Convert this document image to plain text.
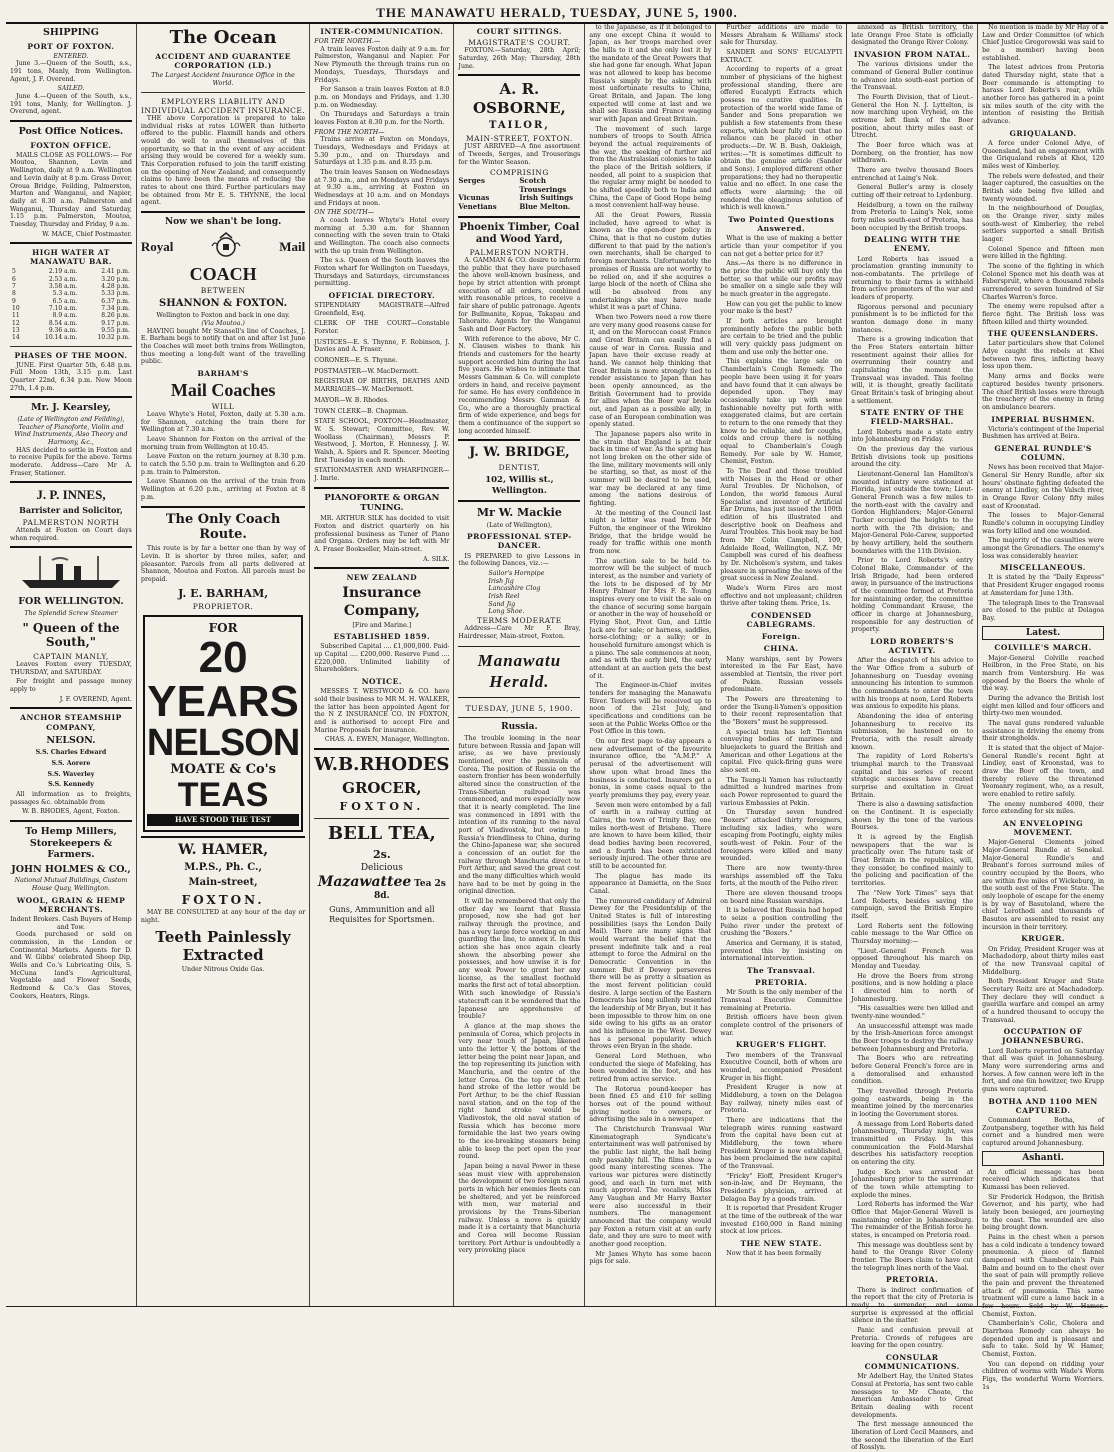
THE MANAWATU HERALD, TUESDAY, JUNE 5, 1900.
SHIPPING
PORT OF FOXTON.
ENTERED.

June 3.—Queen of the South, s.s., 191 tons, Manly, from Wellington. Agent, J. F. Overend.

SAILED.

June 4.—Queen of the South, s.s., 191 tons, Manly, for Wellington. J. Overend, agent.

Post Office Notices.
FOXTON OFFICE.

MAILS CLOSE AS FOLLOWS:— For Moutoa, Shannon, Levin and Wellington, daily at 9 a.m. Wellington and Levin daily at 8 p.m. Grass Dover, Oroua Bridge, Feilding, Palmerston, Marton and Wanganui, and Napier, daily at 8.30 a.m. Palmerston and Wanganui, Thursday and Saturday, 1.15 p.m. Palmerston, Moutoa, Tuesday, Thursday and Friday, 9 a.m.

W. MACE, Chief Postmaster.
HIGH WATER AT MANAWATU BAR.
5	2.19 a.m.	2.41 p.m.
6	2.53 a.m.	3.20 p.m.
7	3.58 a.m.	4.28 p.m.
8	5.3 a.m.	5.33 p.m.
9	6.5 a.m.	6.37 p.m.
10	7.10 a.m.	7.34 p.m.
11	8.9 a.m.	8.26 p.m.
12	8.54 a.m.	9.17 p.m.
13	9.36 a.m.	9.55 p.m.
14	10.14 a.m.	10.32 p.m.
PHASES OF THE MOON.

JUNE. First Quarter 5th, 6.48 p.m. Full Moon 13th, 3.15 p.m. Last Quarter 22nd, 6.34 p.m. New Moon 27th, 1.4 p.m.

Mr. J. Kearsley,
(Late of Wellington and Feilding), Teacher of Pianoforte, Violin and Wind Instruments, Also Theory and Harmony, &c.,

HAS decided to settle in Foxton and to receive Pupils for the above. Terms moderate. Address—Care Mr A. Fraser, Stationer.

J. P. INNES,
Barrister and Solicitor,
PALMERSTON NORTH

Attends at Foxton on Court days when required.

FOR WELLINGTON.
The Splendid Screw Steamer
" Queen of the South,"
CAPTAIN MANLY,

Leaves Foxton every TUESDAY, THURSDAY, and SATURDAY.

For freight and passage money apply to

J. F. OVEREND, Agent.
ANCHOR STEAMSHIP COMPANY,
NELSON.
S.S. Charles Edward
S.S. Aorere
S.S. Waverley
S.S. Kennedy

All information as to freights, passages &c. obtainable from

W. B. RHODES, Agent, Foxton.
To Hemp Millers, Storekeepers & Farmers.
JOHN HOLMES & CO.,
National Mutual Buildings, Custom House Quay, Wellington.
WOOL, GRAIN & HEMP MERCHANTS.
Indent Brokers. Cash Buyers of Hemp and Tow.

Goods purchased or sold on commission, in the London or Continental Markets. Agents for D. and W. Gibbs' celebrated Sheep Dip, Wells and Co.'s Lubricating Oils, S. McCuna land's Agricultural, Vegetable and Flower Seeds, Redmond & Co.'s Gas Stoves, Cookers, Heaters, Rings.

The Ocean
ACCIDENT AND GUARANTEE CORPORATION (LD.)
The Largest Accident Insurance Office in the World.
EMPLOYERS LIABILITY AND INDIVIDUAL ACCIDENT INSURANCE.

THE above Corporation is prepared to take individual risks at rates LOWER than hitherto offered to the public. Flaxmill hands and others would do well to avail themselves of this opportunity, so that in the event of any accident arising they would be covered for a weekly sum. This Corporation refused to join the tariff existing on the opening of New Zealand, and consequently claims to have been the means of reducing the rates to about one third. Further particulars may be obtained from Mr E. S. THYNNE, the local agent.

Now we shan't be long.
Royal	Mail
COACH
BETWEEN
SHANNON & FOXTON.
Wellington to Foxton and back in one day.
(Via Moutoa.)

HAVING bought Mr Stansell's line of Coaches, J. E. Barham begs to notify that on and after 1st June the Coaches will meet both trains from Wellington, thus meeting a long-felt want of the travelling public.

BARHAM'S
Mail Coaches
WILL

Leave Whyte's Hotel, Foxton, daily at 5.30 a.m. for Shannon, catching the train there for Wellington at 7.30 a.m.

Leave Shannon for Foxton on the arrival of the morning train from Wellington at 10.45.

Leave Foxton on the return journey at 8.30 p.m. to catch the 5.50 p.m. train to Wellington and 6.20 p.m. train to Palmerston.

Leave Shannon on the arrival of the train from Wellington at 6.20 p.m., arriving at Foxton at 8 p.m.

The Only Coach Route.

This route is by far a better one than by way of Levin. It is shorter by three miles, safer, and pleasanter. Parcels from all parts delivered at Shannon, Moutoa and Foxton. All parcels must be prepaid.

J. E. BARHAM,
PROPRIETOR.
FOR
20 YEARS
NELSON
MOATE & Co's
TEAS
HAVE STOOD THE TEST
W. HAMER,
M.P.S., Ph. C.,
Main-street,
FOXTON.

MAY BE CONSULTED at any hour of the day or night.

Teeth Painlessly Extracted
Under Nitrous Oxide Gas.
INTER-COMMUNICATION.
FOR THE NORTH.—

A train leaves Foxton daily at 9 a.m. for Palmerston, Wanganui and Napier. For New Plymouth the through trains run on Mondays, Tuesdays, Thursdays and Fridays.

For Sanson a train leaves Foxton at 8.0 p.m. on Mondays and Fridays, and 1.30 p.m. on Wednesday.

On Thursdays and Saturdays a train leaves Foxton at 8.30 p.m. for the North.

FROM THE NORTH—

Trains arrive at Foxton on Mondays, Tuesdays, Wednesdays and Fridays at 5.30 p.m., and on Thursdays and Saturdays at 1.35 p.m. and 8.35 p.m.

The train leaves Sanson on Wednesdays at 7.30 a.m., and on Mondays and Fridays at 9.30 a.m., arriving at Foxton on Wednesdays at 10 a.m. and on Mondays and Fridays at noon.

ON THE SOUTH—

A coach leaves Whyte's Hotel every morning at 5.30 a.m. for Shannon connecting with the seven train to Otaki and Wellington. The coach also connects with the up train from Wellington.

The s.s. Queen of the South leaves the Foxton wharf for Wellington on Tuesdays, Thursdays and Saturdays, circumstances permitting.

OFFICIAL DIRECTORY.

STIPENDIARY MAGISTRATE—Alfred Greenfield, Esq.

CLERK OF THE COURT—Constable Forster.

JUSTICES—E. S. Thynne, F. Robinson, J. Davies and A. Fraser.

CORONER—E. S. Thynne.

POSTMASTER—W. MacDermott.

REGISTRAR OF BIRTHS, DEATHS AND MARRIAGES—W. MacDermott.

MAYOR—W. B. Rhodes.

TOWN CLERK—B. Chapman.

STATE SCHOOL, FOXTON—Headmaster, W. S. Stewart; Committee, Rev. W. Woollass (Chairman), Messrs P. Westwood, J. Morton, F. Hennessy, J. W. Walsh, A. Spiers and R. Spencer. Meeting first Tuesday in each month.

STATIONMASTER AND WHARFINGER—J. Imrie.

PIANOFORTE & ORGAN TUNING.

MR. ARTHUR SILK has decided to visit Foxton and district quarterly on his professional business as Tuner of Piano and Organs. Orders may be left with Mr A. Fraser Bookseller, Main-street.

A. SILK.
NEW ZEALAND
Insurance Company,
[Fire and Marine.]
ESTABLISHED 1859.

Subscribed Capital .... £1,000,000. Paid-up Capital .... £200,000. Reserve Fund .... £220,000. Unlimited liability of Shareholders.

NOTICE.

MESSES T. WESTWOOD & CO. have sold their business to MR M. H. WALKER, the latter has been appointed Agent for the N Z INSURANCE CO. IN FOXTON, and is authorised to accept Fire and Marine Proposals for insurance.

CHAS. A. EWEN, Manager, Wellington.
W.B.RHODES
GROCER,
FOXTON.
BELL TEA,
2s.
Delicious Mazawattee Tea 2s 8d.
Guns, Ammunition and all Requisites for Sportsmen.
COURT SITTINGS.
MAGISTRATE'S COURT.

FOXTON.—Saturday, 28th April; Saturday, 26th May; Thursday, 28th June.

A. R. OSBORNE,
TAILOR,
MAIN-STREET, FOXTON.

JUST ARRIVED—A fine assortment of Tweeds, Serges, and Trouserings for the Winter Season.

COMPRISING
Serges	Scotch Trouserings
Vicunas	Irish Suitings
Venetians	Blue Melton.
Phoenix Timber, Coal and Wood Yard,
PALMERSTON NORTH.

A. GAMMAN & CO. desire to inform the public that they have purchased the above well-known business, and hope by strict attention with prompt execution of all orders, combined with reasonable prices, to receive a fair share of public patronage. Agents for Bullmanite, Kopua, Takapau and Tahoraite. Agents for the Wanganui Sash and Door Factory.

With reference to the above, Mr C. N. Clausen wishes to thank his friends and customers for the hearty support accorded him during the last five years. He wishes to intimate that Messrs Gamman & Co. will complete orders in hand, and receive payment for same. He has every confidence in recommending Messrs Gamman & Co., who are a thoroughly practical firm of wide experience, and begs for them a continuance of the support so long accorded himself.

J. W. BRIDGE,
DENTIST,
102, Willis st., Wellington.
Mr W. Mackie
(Late of Wellington),
PROFESSIONAL STEP-DANCER.

IS PREPARED to give Lessons in the following Dances, viz.:—

Sailor's Hornpipe
Irish Jig
Lancashire Clog
Irish Reel
Sand Jig
Long Shoe.
TERMS MODERATE

Address—Care Mr F. Bray, Hairdresser, Main-street, Foxton.

Manawatu Herald.
TUESDAY, JUNE 5, 1900.
Russia.

The trouble looming in the near future between Russia and Japan will arise, as we have previously mentioned, over the peninsula of Corea. The position of Russia on the eastern frontier has been wonderfully altered since the construction of the Trans-Siberian railroad was commenced, and more especially now that it is nearly completed. The line was commenced in 1891 with the intention of its running to the naval port of Vladivostok, but owing to Russia's friendliness to China, during the Chino-Japanese war, she secured a concession of an outlet for the railway through Manchuria direct to Port Arthur, and saved the great cost and the many difficulties which would have had to be met by going in the original direction.

It will be remembered that only the other day we learnt that Russia proposed, now she had got her railway through the province, and has a very large force working on and guarding the line, to annex it. In this action she has once again clearly shown the absorbing power she possesses, and how unwise it is for any weak Power to grant her any license, as the smallest foothold marks the first act of total absorption. With such knowledge of Russia's statecraft can it be wondered that the Japanese are apprehensive of trouble?

A glance at the map shows the peninsula of Corea, which projects in very near touch of Japan, likened unto the letter V, the bottom of the letter being the point near Japan, and the top representing its junction with Manchuria, and the centre of the letter Corea. On the top of the left hand stroke of the letter would be Port Arthur, to be the chief Russian naval station, and on the top of the right hand stroke would be Vladivostok, the old naval station of Russia which has become more formidable the last two years owing to the ice-breaking steamers being able to keep the port open the year round.

Japan being a naval Power in these seas must view with apprehension the development of two foreign naval ports in which her enemies fleets can be sheltered, and yet be reinforced with men, war material and provisions by the Trans-Siberian railway. Unless a move is quickly made it is a certainty that Manchuria and Corea will become Russian territory. Port Arthur is undoubtedly a very provoking place

to the Japanese, as if it belonged to any one except China it would to Japan, as her troops marched over the hills to it and she only lost it by the mandate of the Great Powers that she had gone far enough. What Japan was not allowed to keep has become Russia's simply by the asking with most unfortunate results to China, Great Britain, and Japan. The long expected will come at last and we shall see Russia and France waging war with Japan and Great Britain.

The movement of such large numbers of troops to South Africa beyond the actual requirements of the war, the seeking of further aid from the Australasian colonies to take the place of the British soldiers, if needed, all point to a suspicion that the regular army might be needed to be shifted speedily both to India and China, the Cape of Good Hope being a most convenient half-way house.

All the Great Powers, Russia included, have agreed to what is known as the open-door policy in China, that is that no custom duties different to that paid by the nation's own merchants, shall be charged to foreign merchants. Unfortunately the promises of Russia are not worthy to be relied on, and if she acquires a large block of the north of China she will be absolved from any undertakings she may have made whilst it was a part of China.

When two Powers need a row there are very many good reasons cause for it, and on the Moroccan coast France and Great Britain can easily find a cause of war in Corea. Russia and Japan have their excuse ready at hand. We cannot help thinking that Great Britain is more strongly tied to render assistance to Japan than has been openly announced, as the British Government had to provide for allies when the Boer war broke out, and Japan as a possible ally, in case of an European combination was openly stated.

The Japanese papers also write in the strain that England is at their back in time of war. As the spring has not long broken on the other side of the line, military movements will only be starting, so that, as most of the summer will be desired to be used, war may be declared at any time among the nations desirous of fighting.

At the meeting of the Council last night a letter was read from Mr Fulton, the engineer of the Wirokino Bridge, that the bridge would be ready for traffic within one month from now.

The auction sale to be held to-morrow will be the subject of much interest, as the number and variety of the lots to be disposed of by Mr Henry Palmer for Mrs F. R. Young inspires every one to visit the sale on the chance of securing some bargain or another in the way of household or Flying Shot, Pivot Gun, and Little Jack are for sale; or harness, saddles, horse-clothing; or a sulky; or in household furniture amongst which is a piano. The sale commences at noon, and as with the early bird, the early attendant at an auction gets the best of it.

The Engineer-in-Chief invites tenders for managing the Manawatu River. Tenders will be received up to noon of the 21st July, and specifications and conditions can be seen at the Public Works Office or the Post Office in this town.

On our first page to-day appears a new advertisement of the favourite insurance office, the "A.M.P." A perusal of the advertisement will show upon what broad lines the business is conducted. Insurers get a bonus, in some cases equal to the yearly premiums they pay, every year.

Seven men were entombed by a fall of earth in a railway cutting at Cairns, the town of Trinity Bay, one miles north-west of Brisbane. There are known to have been killed, their dead bodies having been recovered, and a fourth has been extricated seriously injured. The other three are still to be accounted for.

The plague has made its appearance at Damietta, on the Suez Canal.

The rumoured candidacy of Admiral Dewey for the Presidentship of the United States is full of interesting possibilities (says the London Daily Mail). There are many signs that would warrant the belief that the present indefinite talk and a real attempt to force the Admiral on the Democratic Convention in the summer. But if Dewey perseveres there will be as pretty a situation as the most fervent politician could desire. A large section of the Eastern Democrats has long sullenly resented the leadership of Mr Bryan, but it has been impossible to throw him on one side owing to his gifts as an orator and his influence in the West. Dewey has a personal popularity which throws even Bryan in the shade.

General Lord Methuen, who conducted the siege of Mafeking, has been wounded in the foot, and has retired from active service.

The Rotorua pound-keeper has been fined £5 and £10 for selling horses out of the pound without giving notice to owners, or advertising the sale in a newspaper.

The Christchurch Transvaal War Kinematograph Syndicate's entertainment was well patronised by the public last night, the hall being only passably full. The films show a good many interesting scenes. The various war pictures were distinctly good, and each in turn met with much approval. The vocalists, Miss Amy Vaughan and Mr Harry Baxter were also successful in their numbers. The management announced that the company would pay Foxton a return visit at an early date, and they are sure to meet with another good reception.

Mr James Whyte has some bacon pigs for sale.

Further additions are made to Messrs Abraham & Williams' stock sale for Thursday.

SANDER and SONS' EUCALYPTI EXTRACT.

According to reports of a great number of physicians of the highest professional standing, there are offered Eucalypti Extracts which possess no curative qualities. In protection of the world wide fame of Sander and Sons preparation we publish a few statements from these experts, which bear fully out that no reliance can be placed in other products:—Dr. W. B. Bush, Oakleigh, writes:—"It is sometimes difficult to obtain the genuine article (Sander and Sons). I employed different other preparations; they had no therapeutic value and no effect. In one case the effects were alarming; the oil rendered the oleaginous solution of which is well known."

Two Pointed Questions Answered.

What is the use of making a better article than your competitor if you can not get a better price for it?

Ans.—As there is no difference in the price the public will buy only the better, so that while our profits may be smaller on a single sale they will be much greater in the aggregate.

How can you get the public to know your make is the best?

If both articles are brought prominently before the public both are certain to be tried and the public will very quickly pass judgment on them and use only the better one.

This explains the large sale on Chamberlain's Cough Remedy. The people have been using it for years and have found that it can always be depended upon. They may occasionally take up with some fashionable novelty put forth with exaggerated claims, but are certain to return to the one remedy that they know to be reliable, and for coughs, colds and croup there is nothing equal to Chamberlain's Cough Remedy. For sale by W. Hamer, Chemist, Foxton.

To The Deaf and those troubled with Noises in the Head or other Aural Troubles. Dr Nicholson, of London, the world famous Aural Specialist and inventor of Artificial Ear Drums, has just issued the 100th edition of his illustrated and descriptive book on Deafness and Aural Troubles. This book may be had from Mr Colin Campbell, 109, Adelaide Road, Wellington, N.Z. Mr Campbell was cured of his deafness by Dr. Nicholson's system, and takes pleasure in spreading the news of the great success in New Zealand.

Wade's Worm Fires are most effective and not unpleasant; children thrive after taking them. Price, 1s.

CONDENSED CABLEGRAMS.
Foreign.
CHINA.

Many warships, sent by Powers interested in the Far East, have assembled at Tientsin, the river port of Pekin. Russian vessels predominate.

The Powers are threatening to order the Tsung-li-Yamen's opposition to their recent representation that the "Boxers" must be suppressed.

A special train has left Tientsin conveying bodies of marines and bluejackets to guard the British and American and other Legations at the capital. Five quick-firing guns were also sent on.

The Tsung-li Yamen has reluctantly admitted a hundred marines from each Power represented to guard the various Embassies at Pekin.

On Thursday seven hundred "Boxers" attacked thirty foreigners, including six ladies, who were escaping from Pootingfu, eighty miles south-west of Pekin. Four of the foreigners were killed and many wounded.

There are now twenty-three warships assembled off the Taku forts, at the mouth of the Peiho river.

There are eleven thousand troops on board nine Russian warships.

It is believed that Russia had hoped to seize a position controlling the Peiho river under the pretext of crushing the "Boxers."

America and Germany, it is stated, prevented this by insisting on international intervention.

The Transvaal.
PRETORIA.

Mr South is the only member of the Transvaal Executive Committee remaining at Pretoria.

British officers have been given complete control of the prisoners of war.

KRUGER'S FLIGHT.

Two members of the Transvaal Executive Council, both of whom are wounded, accompanied President Kruger in his flight.

President Kruger is now at Middleburg, a town on the Delagoa Bay railway, ninety miles east of Pretoria.

There are indications that the telegraph wires running eastward from the capital have been cut at Middleburg, the town where President Kruger is now established, has been proclaimed the new capital of the Transvaal.

"Fricky" Eloff, President Kruger's son-in-law, and Dr Heymann, the President's physician, arrived at Delagoa Bay by a goods train.

It is reported that President Kruger at the time of the outbreak of the war invested £160,000 in Rand mining stock at low prices.

THE NEW STATE.

Now that it has been formally

annexed as British territory, the late Orange Free State is officially designated the Orange River Colony.

INVASION FROM NATAL.

The various divisions under the command of General Buller continue to advance into south-east portion of the Transvaal.

The Fourth Division, that of Lieut.-General the Hon N. J. Lyttelton, is now marching upon Vryheid, on the extreme left flank of the Boer position, about thirty miles east of Utrecht.

The Boer force which was at Dornberg, on the frontier, has now withdrawn.

There are twelve thousand Boers entrenched at Laing's Nek.

General Buller's army is closely cutting off their retreat to Lydenburg.

Heidelburg, a town on the railway from Pretoria to Laing's Nek, some forty miles south-east of Pretoria, has been occupied by the British troops.

DEALING WITH THE ENEMY.

Lord Roberts has issued a proclamation granting immunity to non-combatants. The privilege of returning to their farms is withheld from active promoters of the war and leaders of property.

Rigorous personal and pecuniary punishment is to be inflicted for the wanton damage done in many instances.

There is a growing indication that the Free Staters entertain bitter resentment against their allies for overrunning their country and capitulating the moment the Transvaal was invaded. This feeling will, it is thought, greatly facilitate Great Britain's task of bringing about a settlement.

STATE ENTRY OF THE FIELD-MARSHAL.

Lord Roberts made a state entry into Johannesburg on Friday.

On the previous day the various British divisions took up positions around the city.

Lieutenant-General Ian Hamilton's mounted infantry were stationed at Florida, just outside the town; Lieut-General French was a few miles to the north-east with the cavalry and Gordon Highlanders; Major-General Tucker occupied the heights to the north with the 7th division; and Major-General Pole-Carew, supported by heavy artillery, held the southern boundaries with the 11th Division.

Prior to Lord Roberts's entry Colonel Blake, Commander of the Irish Brigade, had been ordered away, in pursuance of the instructions of the committee formed at Pretoria for maintaining order, the committee holding Commandant Krause, the officer in charge at Johannesburg, responsible for any destruction of property.

LORD ROBERTS'S ACTIVITY.

After the despatch of his advice to the War Office from a suburb of Johannesburg on Tuesday evening announcing his intention to summon the commandants to enter the town with his troops at noon, Lord Roberts was anxious to expedite his plans.

Abandoning the idea of entering Johannesburg to receive its submission, he hastened on to Pretoria, with the result already known.

The rapidity of Lord Roberts's triumphal march to the Transvaal capital and his series of recent strategic successes have created surprise and exultation in Great Britain.

There is also a dawning satisfaction on the Continent. It is especially shown by the tone of the various Bourses.

It is agreed by the English newspapers that the war is practically over. The future task of Great Britain in the republics, will, they consider, be confined mainly to the policing and pacification of the territories.

The "New York Times" says that Lord Roberts, besides saving the campaign, saved the British Empire itself.

Lord Roberts sent the following cable message to the War Office on Thursday morning:—

"Lieut.-General French was opposed throughout his march on Monday and Tuesday.

He drove the Boers from strong positions, and is now holding a place I directed him to north of Johannesburg.

"His casualties were two killed and twenty-nine wounded."

An unsuccessful attempt was made by the Irish-American force amongst the Boer troops to destroy the railway between Johannesburg and Pretoria.

The Boers who are retreating before General French's force are in a demoralised and exhausted condition.

They travelled through Pretoria going eastwards, being in the meantime joined by the mercenaries in looting the Government stores.

A message from Lord Roberts dated Johannesburg, Thursday night, was transmitted on Friday. In this communication the Field-Marshal describes his satisfactory reception on entering the city.

Judge Koch was arrested at Johannesburg prior to the surrender of the town while attempting to explode the mines.

Lord Roberts has informed the War Office that Major-General Wavell is maintaining order in Johannesburg. The remainder of the British force he states, is encamped on Pretoria road.

This message was doubtless sent by hand to the Orange River Colony frontier. The Boers claim to have cut the telegraph lines north of the Vaal.

PRETORIA.

There is indirect confirmation of the report that the city of Pretoria is ready to surrender, and some surprise is expressed at the official silence in the matter.

Panic and confusion prevail at Pretoria. Crowds of refugees are leaving for the open country.

CONSULAR COMMUNICATIONS.

Mr Adelbert Hay, the United States Consul at Pretoria, has sent two cable messages to Mr Choate, the American Ambassador to Great Britain dealing with recent developments.

The first message announced the liberation of Lord Cecil Manners, and the second the liberation of the Earl of Rosslyn.

No mention is made by Mr Hay of a Law and Order Committee (of which Chief Justice Gregorowski was said to be a member) having been established.

The latest advices from Pretoria dated Thursday night, state that a Boer commando is attempting to harass Lord Roberts's rear, while another force has gathered in a point six miles south of the city with the intention of resisting the British advance.

GRIQUALAND.

A force under Colonel Adye, of Queensland, had an engagement with the Griqualand rebels at Khoi, 120 miles west of Kimberley.

The rebels were defeated, and their laager captured, the casualties on the British side being five killed and twenty wounded.

In the neighbourhood of Douglas, on the Orange river, sixty miles south-west of Kimberley, the rebel settlers supported a small British laager.

Colonel Spence and fifteen men were killed in the fighting.

The scene of the fighting in which Colonel Spence met his death was at Faberspruit, where a thousand rebels surrendered to seven hundred of Sir Charles Warren's force.

The enemy were repulsed after a fierce fight. The British loss was fifteen killed and thirty wounded.

THE QUEENSLANDERS.

Later particulars show that Colonel Adye caught the rebels at Khei between two fires, inflicting heavy loss upon them.

Many arms and flocks were captured besides twenty prisoners. The chief British losses were through the treachery of the enemy in firing on ambulance bearers.

IMPERIAL BUSHMEN.

Victoria's contingent of the Imperial Bushmen has arrived at Beira.

GENERAL RUNDLE'S COLUMN.

News has been received that Major-General Sir Henry Rundle, after six hours' obstinate fighting defeated the enemy at Lindley, on the Valsch river, in Orange River Colony fifty miles east of Kroonstad.

The losses to Major-General Rundle's column in occupying Lindley was forty killed and one wounded.

The majority of the casualties were amongst the Grenadiers. The enemy's loss was considerably heavier.

MISCELLANEOUS.

It is stated by the "Daily Express" that President Kruger engaged rooms at Amsterdam for June 13th.

The telegraph lines to the Transvaal are closed to the public at Delagoa Bay.

Latest.
COLVILLE'S MARCH.

Major-General Colville reached Heilbron, in the Free State, on his march from Ventersburg. He was opposed by the Boers the whole of the way.

During the advance the British lost eight men killed and four officers and thirty-two men wounded.

The naval guns rendered valuable assistance in driving the enemy from their strongholds.

It is stated that the object of Major-General Rundle's recent fight at Lindley, east of Kroonstad, was to draw the Boer off the town, and thereby relieve the threatened Yeomanry regiment, who, as a result, were enabled to retire safely.

The enemy numbered 4000, their force extending for six miles.

AN ENVELOPING MOVEMENT.

Major-General Clements joined Major-General Rundle at Senekal. Major-General Rundle's and Brabant's forces surround miles of country occupied by the Boers, who are within five miles of Wickeburg, in the south east of the Free State. The only loophole of escape for the enemy is by way of Basutoland, where the chief Lerothodi and thousands of Basutos are assembled to resist any incursion in their territory.

KRUGER.

On Friday, President Kruger was at Machadodorp, about thirty miles east of the new Transvaal capital of Middelburg.

Both President Kruger and State Secretary Reitz are at Machadodorp. They declare they will conduct a guerilla warfare and compel an army of a hundred thousand to occupy the Transvaal.

OCCUPATION OF JOHANNESBURG.

Lord Roberts reported on Saturday that all was quiet in Johannesburg. Many were surrendering arms and horses. A few cannon were left in the fort, and one 6in howitzer, two Krupp guns were captured.

BOTHA AND 1100 MEN CAPTURED.

Commandant Botha, of Zoutpansberg, together with his field cornet and a hundred men were captured around Johannesburg.

Ashanti.

An official message has been received which indicates that Kumassi has been relieved.

Sir Frederick Hodgson, the British Governor, and his party, who had lately been besieged, are journeying to the coast. The wounded are also being brought down.

Pains in the chest when a person has a cold indicate a tendency toward pneumonia. A piece of flannel dampened with Chamberlain's Pain Balm and bound on to the chest over the seat of pain will promptly relieve the pain and prevent the threatened attack of pneumonia. This same treatment will cure a lame back in a few hours. Sold by W. Hamer, Chemist, Foxton.

Chamberlain's Colic, Cholera and Diarrhœa Remedy can always be depended upon and is pleasant and safe to take. Sold by W. Hamer, Chemist, Foxton.

You can depend on ridding your children of worms with Wade's Worm Figs, the wonderful Worm Worriers. 1s
